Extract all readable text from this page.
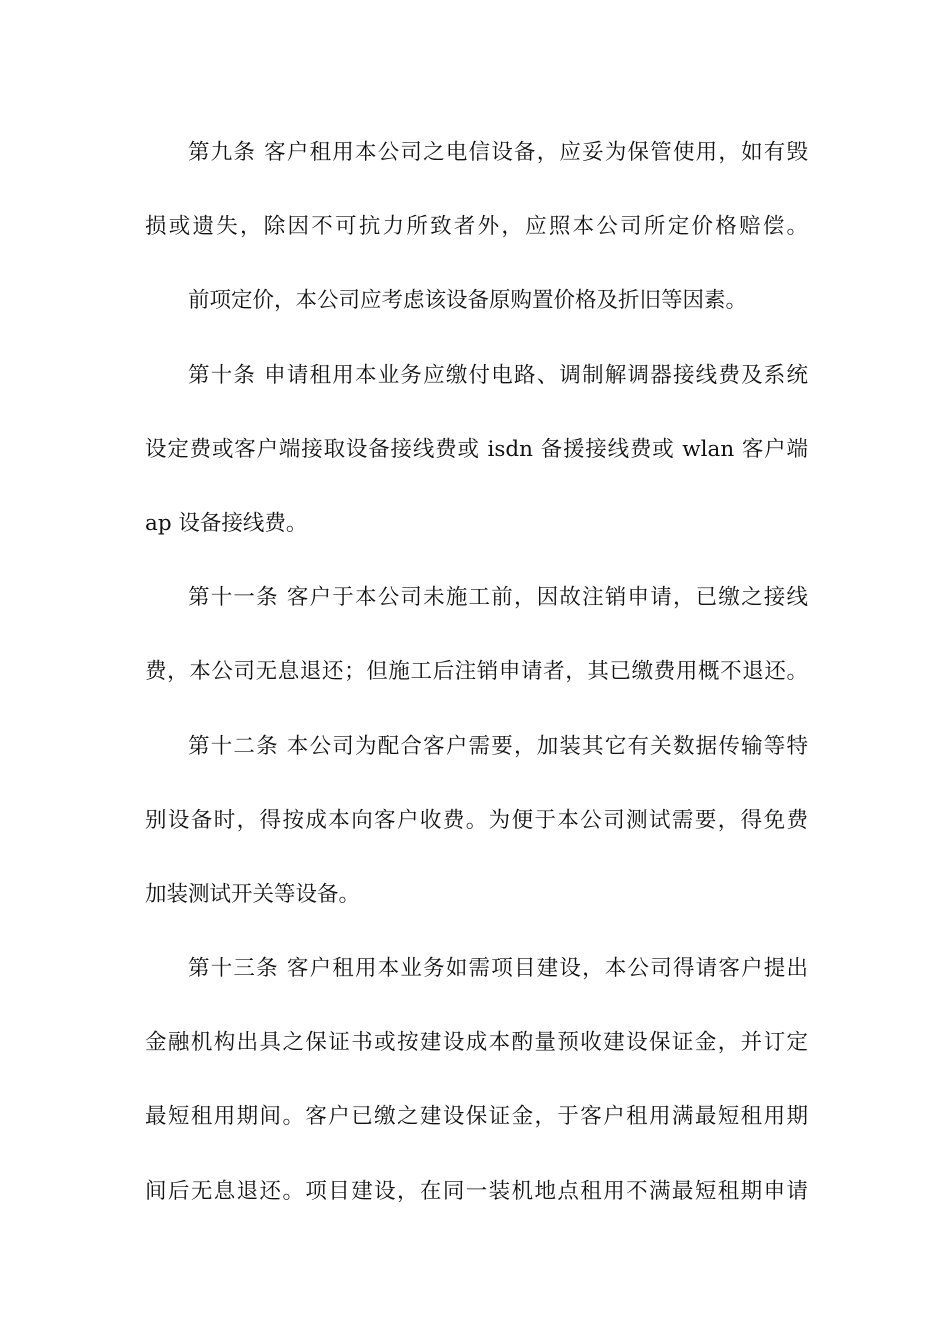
第九条 客户租用本公司之电信设备，应妥为保管使用，如有毁
损或遗失，除因不可抗力所致者外，应照本公司所定价格赔偿。
前项定价，本公司应考虑该设备原购置价格及折旧等因素。
第十条 申请租用本业务应缴付电路、调制解调器接线费及系统
设定费或客户端接取设备接线费或 isdn 备援接线费或 wlan 客户端
ap 设备接线费。
第十一条 客户于本公司未施工前，因故注销申请，已缴之接线
费，本公司无息退还；但施工后注销申请者，其已缴费用概不退还。
第十二条 本公司为配合客户需要，加装其它有关数据传输等特
别设备时，得按成本向客户收费。为便于本公司测试需要，得免费
加装测试开关等设备。
第十三条 客户租用本业务如需项目建设，本公司得请客户提出
金融机构出具之保证书或按建设成本酌量预收建设保证金，并订定
最短租用期间。客户已缴之建设保证金，于客户租用满最短租用期
间后无息退还。项目建设，在同一装机地点租用不满最短租期申请
